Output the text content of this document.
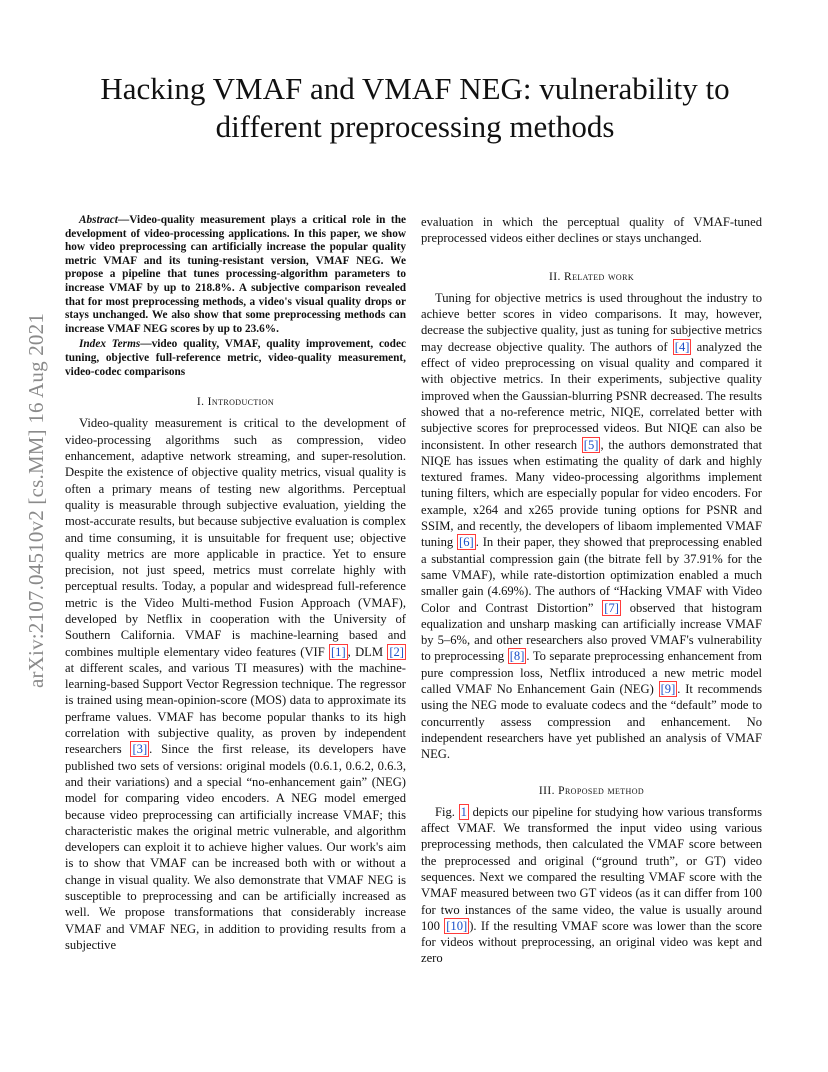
arXiv:2107.04510v2 [cs.MM] 16 Aug 2021
Hacking VMAF and VMAF NEG: vulnerability to different preprocessing methods

Abstract—Video-quality measurement plays a critical role in the development of video-processing applications. In this paper, we show how video preprocessing can artificially increase the popular quality metric VMAF and its tuning-resistant version, VMAF NEG. We propose a pipeline that tunes processing-algorithm parameters to increase VMAF by up to 218.8%. A subjective comparison revealed that for most preprocessing methods, a video's visual quality drops or stays unchanged. We also show that some preprocessing methods can increase VMAF NEG scores by up to 23.6%.

Index Terms—video quality, VMAF, quality improvement, codec tuning, objective full-reference metric, video-quality measurement, video-codec comparisons

I. Introduction

Video-quality measurement is critical to the development of video-processing algorithms such as compression, video enhancement, adaptive network streaming, and super-resolution. Despite the existence of objective quality metrics, visual quality is often a primary means of testing new algorithms. Perceptual quality is measurable through subjective evaluation, yielding the most-accurate results, but because subjective evaluation is complex and time consuming, it is unsuitable for frequent use; objective quality metrics are more applicable in practice. Yet to ensure precision, not just speed, metrics must correlate highly with perceptual results. Today, a popular and widespread full-reference metric is the Video Multi-method Fusion Approach (VMAF), developed by Netflix in cooperation with the University of Southern California. VMAF is machine-learning based and combines multiple elementary video features (VIF [1] , DLM [2] at different scales, and various TI measures) with the machine-learning-based Support Vector Regression technique. The regressor is trained using mean-opinion-score (MOS) data to approximate its perframe values. VMAF has become popular thanks to its high correlation with subjective quality, as proven by independent researchers [3] . Since the first release, its developers have published two sets of versions: original models (0.6.1, 0.6.2, 0.6.3, and their variations) and a special “no-enhancement gain” (NEG) model for comparing video encoders. A NEG model emerged because video preprocessing can artificially increase VMAF; this characteristic makes the original metric vulnerable, and algorithm developers can exploit it to achieve higher values. Our work's aim is to show that VMAF can be increased both with or without a change in visual quality. We also demonstrate that VMAF NEG is susceptible to preprocessing and can be artificially increased as well. We propose transformations that considerably increase VMAF and VMAF NEG, in addition to providing results from a subjective

evaluation in which the perceptual quality of VMAF-tuned preprocessed videos either declines or stays unchanged.

II. Related work

Tuning for objective metrics is used throughout the industry to achieve better scores in video comparisons. It may, however, decrease the subjective quality, just as tuning for subjective metrics may decrease objective quality. The authors of [4] analyzed the effect of video preprocessing on visual quality and compared it with objective metrics. In their experiments, subjective quality improved when the Gaussian-blurring PSNR decreased. The results showed that a no-reference metric, NIQE, correlated better with subjective scores for preprocessed videos. But NIQE can also be inconsistent. In other research [5] , the authors demonstrated that NIQE has issues when estimating the quality of dark and highly textured frames. Many video-processing algorithms implement tuning filters, which are especially popular for video encoders. For example, x264 and x265 provide tuning options for PSNR and SSIM, and recently, the developers of libaom implemented VMAF tuning [6] . In their paper, they showed that preprocessing enabled a substantial compression gain (the bitrate fell by 37.91% for the same VMAF), while rate-distortion optimization enabled a much smaller gain (4.69%). The authors of “Hacking VMAF with Video Color and Contrast Distortion” [7] observed that histogram equalization and unsharp masking can artificially increase VMAF by 5–6%, and other researchers also proved VMAF's vulnerability to preprocessing [8] . To separate preprocessing enhancement from pure compression loss, Netflix introduced a new metric model called VMAF No Enhancement Gain (NEG) [9] . It recommends using the NEG mode to evaluate codecs and the “default” mode to concurrently assess compression and enhancement. No independent researchers have yet published an analysis of VMAF NEG.

III. Proposed method

Fig. 1 depicts our pipeline for studying how various transforms affect VMAF. We transformed the input video using various preprocessing methods, then calculated the VMAF score between the preprocessed and original (“ground truth”, or GT) video sequences. Next we compared the resulting VMAF score with the VMAF measured between two GT videos (as it can differ from 100 for two instances of the same video, the value is usually around 100 [10] ). If the resulting VMAF score was lower than the score for videos without preprocessing, an original video was kept and zero
